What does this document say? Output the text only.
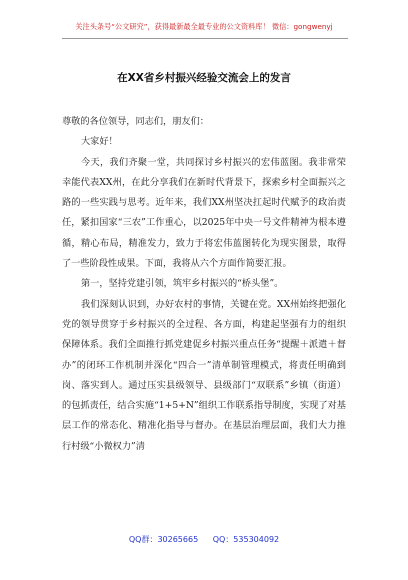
关注头条号“公文研究”，获得最新最全最专业的公文资料库！ 微信：gongwenyj
在XX省乡村振兴经验交流会上的发言

尊敬的各位领导，同志们，朋友们：

大家好！

今天，我们齐聚一堂，共同探讨乡村振兴的宏伟蓝图。我非常荣幸能代表XX州，在此分享我们在新时代背景下，探索乡村全面振兴之路的一些实践与思考。近年来，我们XX州坚决扛起时代赋予的政治责任，紧扣国家“三农”工作重心，以2025年中央一号文件精神为根本遵循，精心布局，精准发力，致力于将宏伟蓝图转化为现实图景，取得了一些阶段性成果。下面，我将从六个方面作简要汇报。

第一，坚持党建引领，筑牢乡村振兴的“桥头堡”。

我们深刻认识到，办好农村的事情，关键在党。XX州始终把强化党的领导贯穿于乡村振兴的全过程、各方面，构建起坚强有力的组织保障体系。我们全面推行抓党建促乡村振兴重点任务“提醒＋派遣＋督办”的闭环工作机制并深化“四合一”清单制管理模式，将责任明确到岗、落实到人。通过压实县级领导、县级部门“双联系”乡镇（街道）的包抓责任，结合实施“1+5+N”组织工作联系指导制度，实现了对基层工作的常态化、精准化指导与督办。在基层治理层面，我们大力推行村级“小微权力”清

QQ群：30265665 QQ：535304092
